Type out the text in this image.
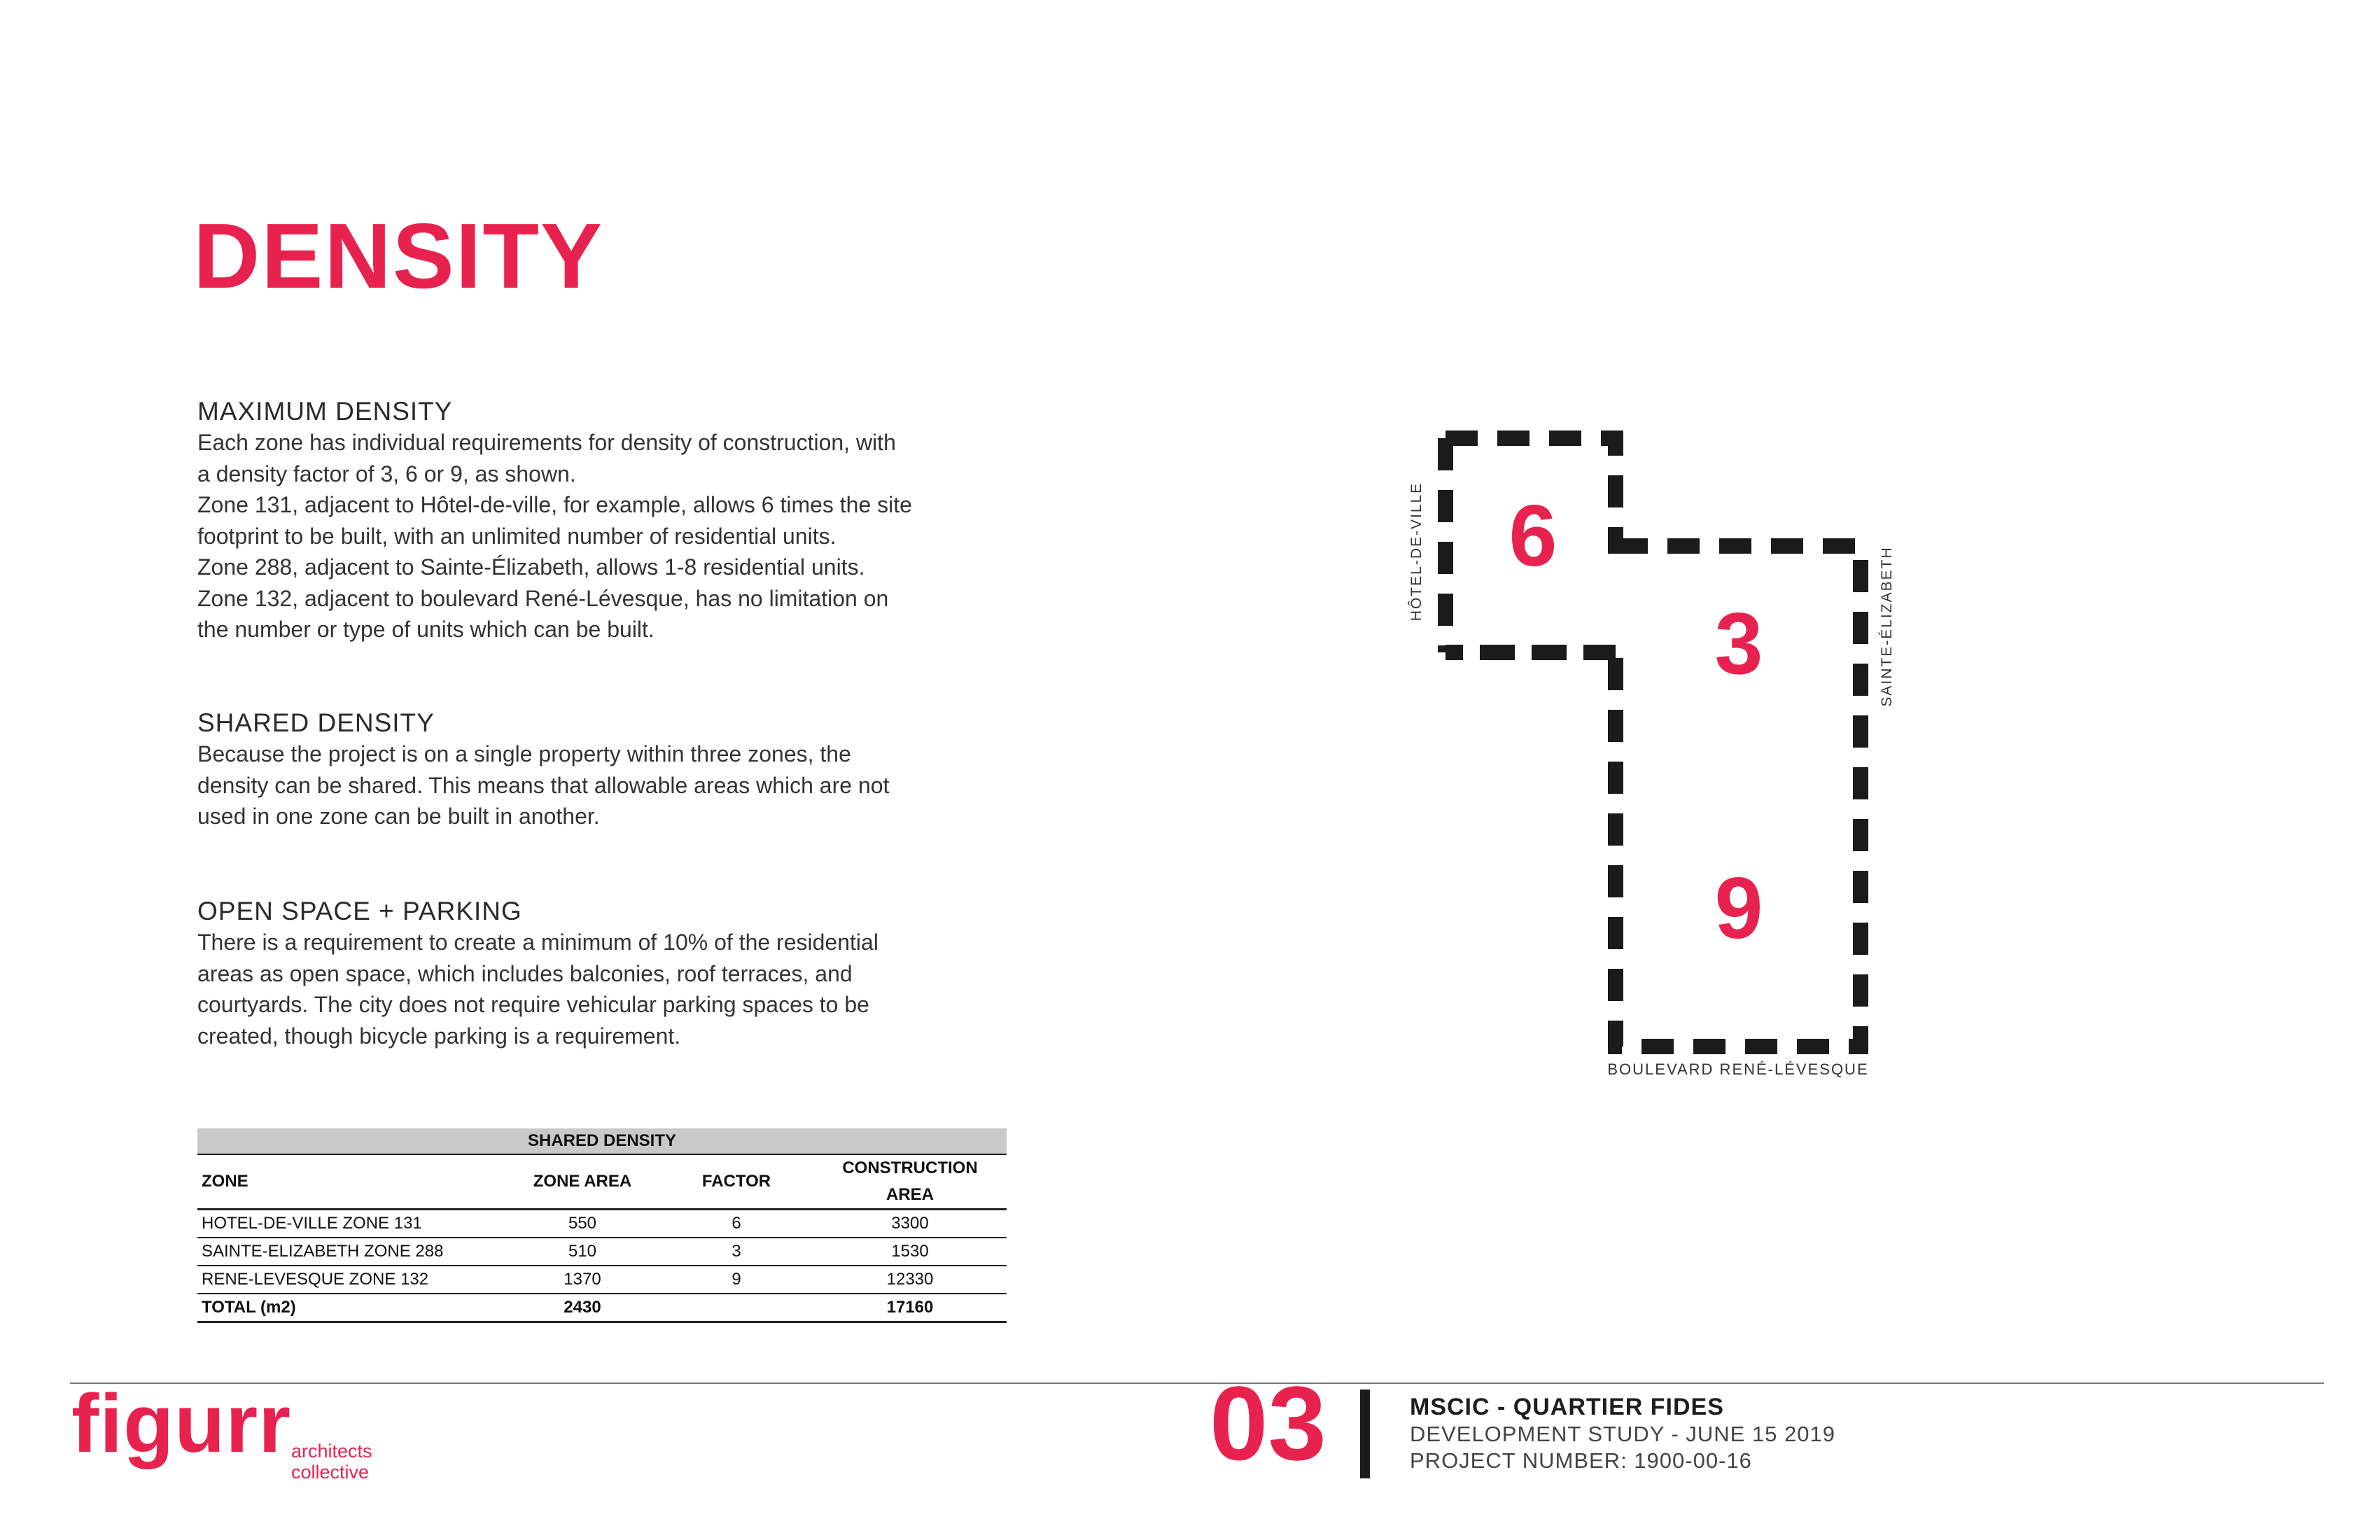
DENSITY
MAXIMUM DENSITY

Each zone has individual requirements for density of construction, with

a density factor of 3, 6 or 9, as shown.

Zone 131, adjacent to Hôtel-de-ville, for example, allows 6 times the site

footprint to be built, with an unlimited number of residential units.

Zone 288, adjacent to Sainte-Élizabeth, allows 1-8 residential units.

Zone 132, adjacent to boulevard René-Lévesque, has no limitation on

the number or type of units which can be built.

SHARED DENSITY

Because the project is on a single property within three zones, the

density can be shared. This means that allowable areas which are not

used in one zone can be built in another.

OPEN SPACE + PARKING

There is a requirement to create a minimum of 10% of the residential

areas as open space, which includes balconies, roof terraces, and

courtyards. The city does not require vehicular parking spaces to be

created, though bicycle parking is a requirement.

SHARED DENSITY			
ZONE	ZONE AREA	FACTOR	CONSTRUCTION AREA
HOTEL-DE-VILLE ZONE 131	550	6	3300
SAINTE-ELIZABETH ZONE 288	510	3	1530
RENE-LEVESQUE ZONE 132	1370	9	12330
TOTAL (m2)	2430		17160
6
3
9
HÔTEL-DE-VILLE	SAINTE-ÉLIZABETH
BOULEVARD RENÉ-LÉVESQUE
figurr architects
collective	03	MSCIC - QUARTIER FIDES
DEVELOPMENT STUDY - JUNE 15 2019
PROJECT NUMBER: 1900-00-16
